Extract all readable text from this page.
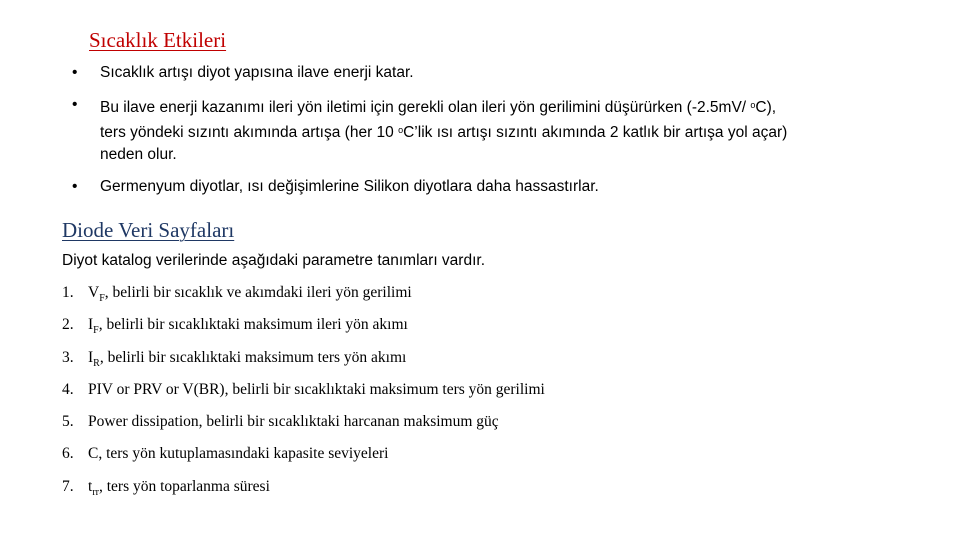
Sıcaklık Etkileri
• Sıcaklık artışı diyot yapısına ilave enerji katar.
• Bu ilave enerji kazanımı ileri yön iletimi için gerekli olan ileri yön gerilimini düşürürken (-2.5mV/ $^o$C), ters yöndeki sızıntı akımında artışa (her 10 $^o$C’lik ısı artışı sızıntı akımında 2 katlık bir artışa yol açar) neden olur.
• Germenyum diyotlar, ısı değişimlerine Silikon diyotlara daha hassastırlar.
Diode Veri Sayfaları
Diyot katalog verilerinde aşağıdaki parametre tanımları vardır.
1. $V_F$, belirli bir sıcaklık ve akımdaki ileri yön gerilimi
2. $I_F$, belirli bir sıcaklıktaki maksimum ileri yön akımı
3. $I_R$, belirli bir sıcaklıktaki maksimum ters yön akımı
4. PIV or PRV or V(BR), belirli bir sıcaklıktaki maksimum ters yön gerilimi
5. Power dissipation, belirli bir sıcaklıktaki harcanan maksimum güç
6. C, ters yön kutuplamasındaki kapasite seviyeleri
7. $t_{rr}$, ters yön toparlanma süresi
